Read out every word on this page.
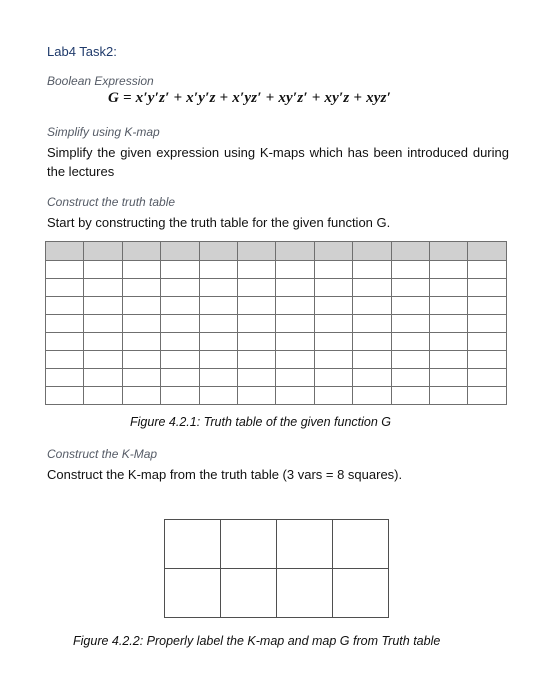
Lab4 Task2:
Boolean Expression
G = x′y′z′ + x′y′z + x′yz′ + xy′z′ + xy′z + xyz′
Simplify using K-map
Simplify the given expression using K-maps which has been introduced during the lectures
Construct the truth table
Start by constructing the truth table for the given function G.

Figure 4.2.1: Truth table of the given function G
Construct the K-Map
Construct the K-map from the truth table (3 vars = 8 squares).

Figure 4.2.2: Properly label the K-map and map G from Truth table
